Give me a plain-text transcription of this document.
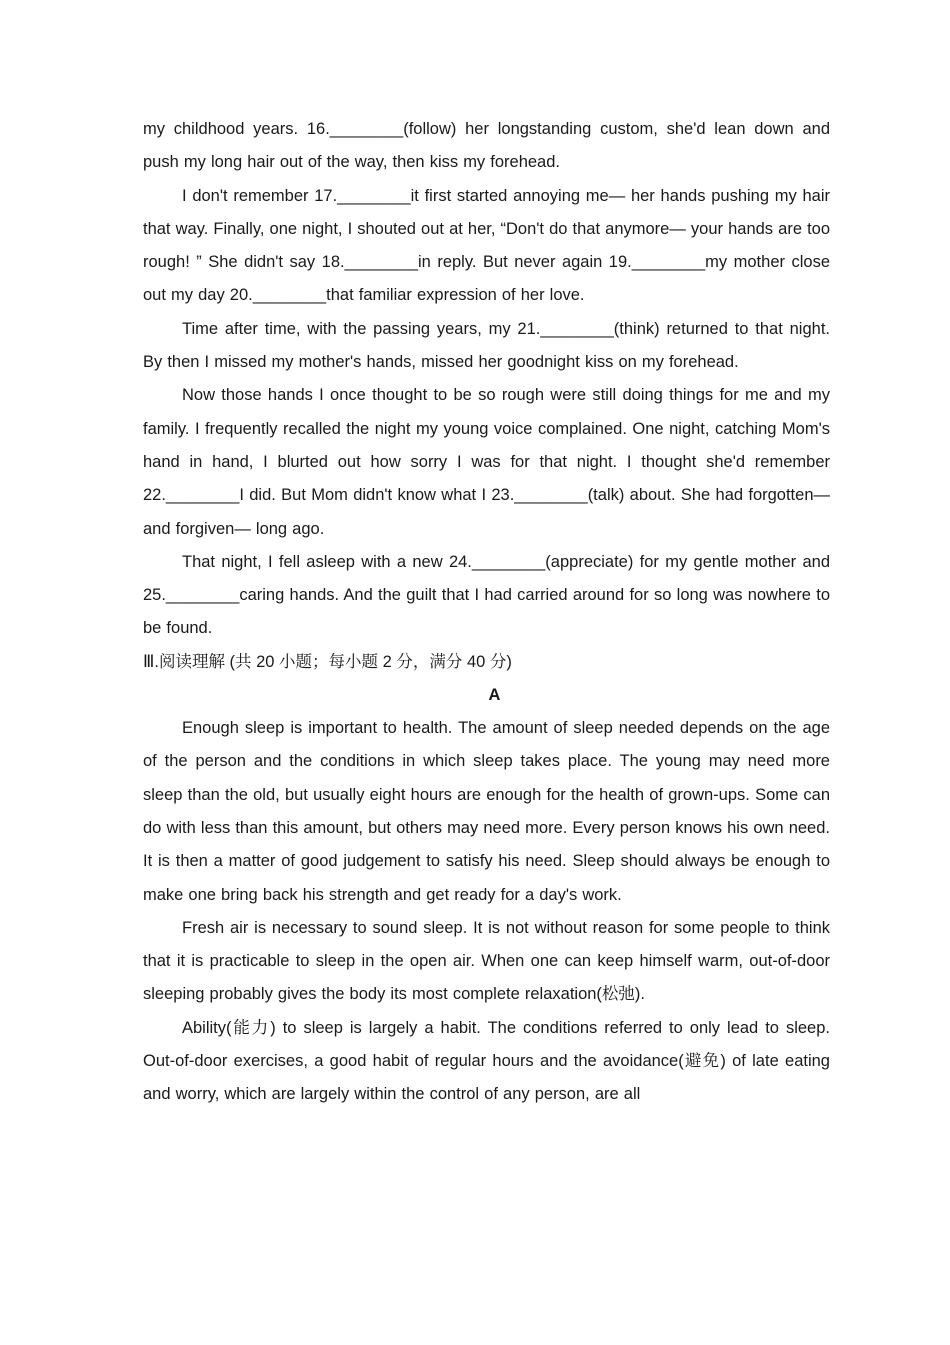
my childhood years. 16.________(follow) her longstanding custom, she'd lean down and push my long hair out of the way, then kiss my forehead.

I don't remember 17.________it first started annoying me— her hands pushing my hair that way. Finally, one night, I shouted out at her, “Don't do that anymore— your hands are too rough! ” She didn't say 18.________in reply. But never again 19.________my mother close out my day 20.________that familiar expression of her love.

Time after time, with the passing years, my 21.________(think) returned to that night. By then I missed my mother's hands, missed her goodnight kiss on my forehead.

Now those hands I once thought to be so rough were still doing things for me and my family. I frequently recalled the night my young voice complained. One night, catching Mom's hand in hand, I blurted out how sorry I was for that night. I thought she'd remember 22.________I did. But Mom didn't know what I 23.________(talk) about. She had forgotten— and forgiven— long ago.

That night, I fell asleep with a new 24.________(appreciate) for my gentle mother and 25.________caring hands. And the guilt that I had carried around for so long was nowhere to be found.

Ⅲ.阅读理解 (共 20 小题；每小题 2 分，满分 40 分)

A

Enough sleep is important to health. The amount of sleep needed depends on the age of the person and the conditions in which sleep takes place. The young may need more sleep than the old, but usually eight hours are enough for the health of grown-ups. Some can do with less than this amount, but others may need more. Every person knows his own need. It is then a matter of good judgement to satisfy his need. Sleep should always be enough to make one bring back his strength and get ready for a day's work.

Fresh air is necessary to sound sleep. It is not without reason for some people to think that it is practicable to sleep in the open air. When one can keep himself warm, out-of-door sleeping probably gives the body its most complete relaxation(松弛).

Ability(能力) to sleep is largely a habit. The conditions referred to only lead to sleep. Out-of-door exercises, a good habit of regular hours and the avoidance(避免) of late eating and worry, which are largely within the control of any person, are all
